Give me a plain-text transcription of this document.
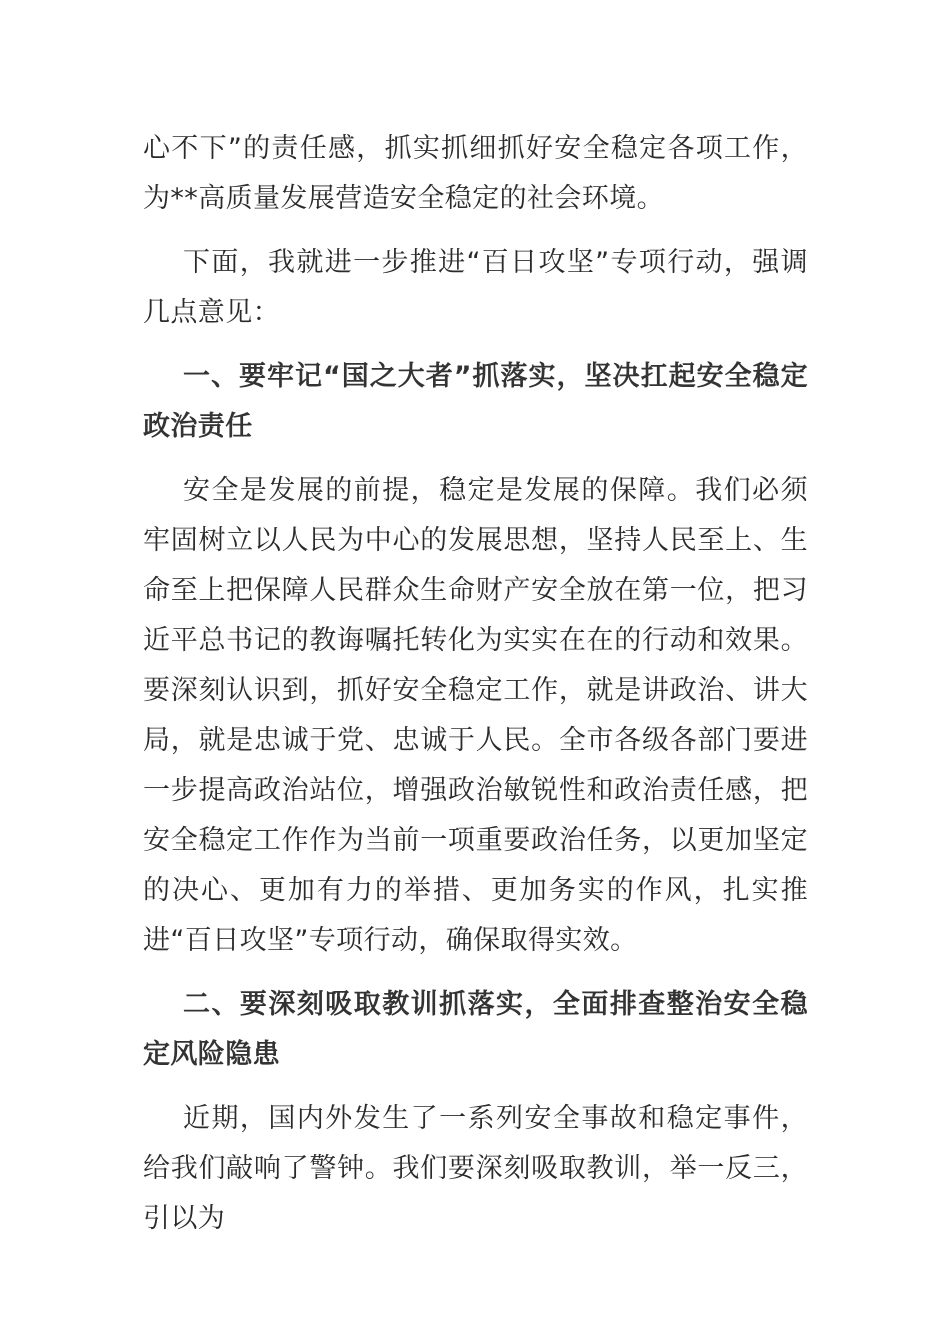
心不下”的责任感，抓实抓细抓好安全稳定各项工作，为**高质量发展营造安全稳定的社会环境。

下面，我就进一步推进“百日攻坚”专项行动，强调几点意见：

一、要牢记“国之大者”抓落实，坚决扛起安全稳定政治责任

安全是发展的前提，稳定是发展的保障。我们必须牢固树立以人民为中心的发展思想，坚持人民至上、生命至上把保障人民群众生命财产安全放在第一位，把习近平总书记的教诲嘱托转化为实实在在的行动和效果。要深刻认识到，抓好安全稳定工作，就是讲政治、讲大局，就是忠诚于党、忠诚于人民。全市各级各部门要进一步提高政治站位，增强政治敏锐性和政治责任感，把安全稳定工作作为当前一项重要政治任务，以更加坚定的决心、更加有力的举措、更加务实的作风，扎实推进“百日攻坚”专项行动，确保取得实效。

二、要深刻吸取教训抓落实，全面排查整治安全稳定风险隐患

近期，国内外发生了一系列安全事故和稳定事件，给我们敲响了警钟。我们要深刻吸取教训，举一反三，引以为
